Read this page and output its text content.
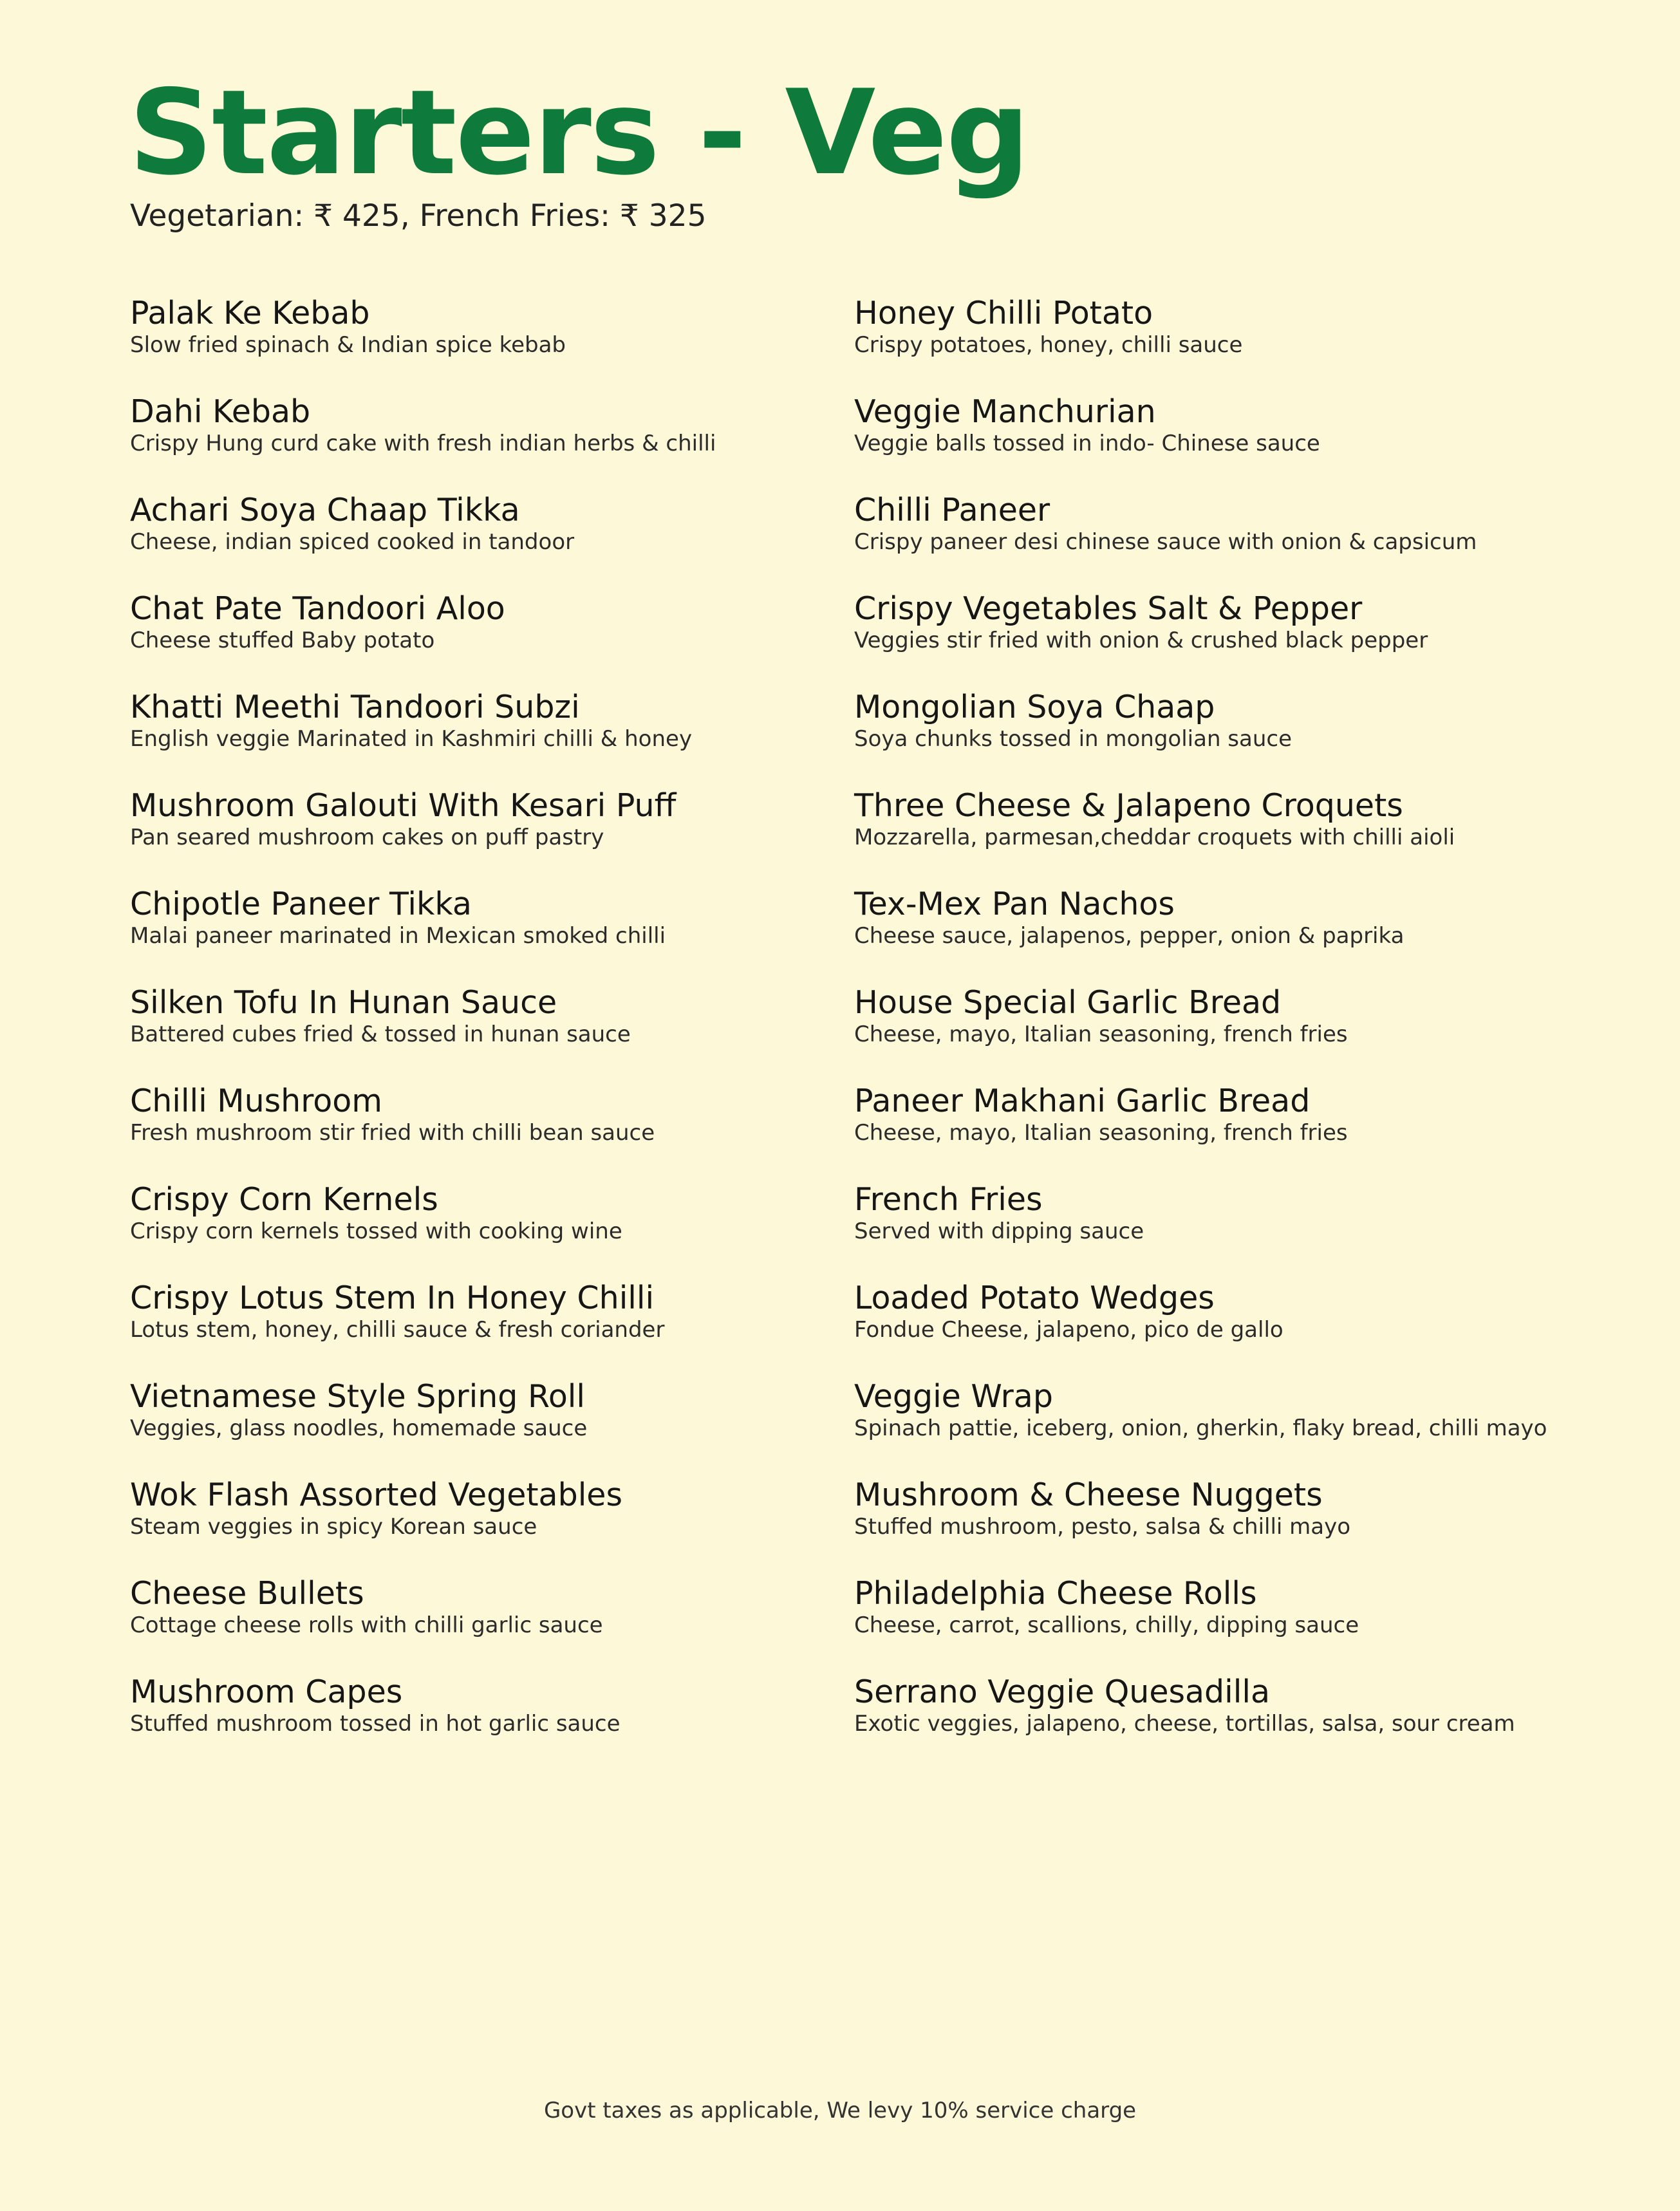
Starters - Veg
Vegetarian: ₹ 425, French Fries: ₹ 325
Palak Ke Kebab
Slow fried spinach & Indian spice kebab
Dahi Kebab
Crispy Hung curd cake with fresh indian herbs & chilli
Achari Soya Chaap Tikka
Cheese, indian spiced cooked in tandoor
Chat Pate Tandoori Aloo
Cheese stuffed Baby potato
Khatti Meethi Tandoori Subzi
English veggie Marinated in Kashmiri chilli & honey
Mushroom Galouti With Kesari Puff
Pan seared mushroom cakes on puff pastry
Chipotle Paneer Tikka
Malai paneer marinated in Mexican smoked chilli
Silken Tofu In Hunan Sauce
Battered cubes fried & tossed in hunan sauce
Chilli Mushroom
Fresh mushroom stir fried with chilli bean sauce
Crispy Corn Kernels
Crispy corn kernels tossed with cooking wine
Crispy Lotus Stem In Honey Chilli
Lotus stem, honey, chilli sauce & fresh coriander
Vietnamese Style Spring Roll
Veggies, glass noodles, homemade sauce
Wok Flash Assorted Vegetables
Steam veggies in spicy Korean sauce
Cheese Bullets
Cottage cheese rolls with chilli garlic sauce
Mushroom Capes
Stuffed mushroom tossed in hot garlic sauce
Honey Chilli Potato
Crispy potatoes, honey, chilli sauce
Veggie Manchurian
Veggie balls tossed in indo- Chinese sauce
Chilli Paneer
Crispy paneer desi chinese sauce with onion & capsicum
Crispy Vegetables Salt & Pepper
Veggies stir fried with onion & crushed black pepper
Mongolian Soya Chaap
Soya chunks tossed in mongolian sauce
Three Cheese & Jalapeno Croquets
Mozzarella, parmesan,cheddar croquets with chilli aioli
Tex-Mex Pan Nachos
Cheese sauce, jalapenos, pepper, onion & paprika
House Special Garlic Bread
Cheese, mayo, Italian seasoning, french fries
Paneer Makhani Garlic Bread
Cheese, mayo, Italian seasoning, french fries
French Fries
Served with dipping sauce
Loaded Potato Wedges
Fondue Cheese, jalapeno, pico de gallo
Veggie Wrap
Spinach pattie, iceberg, onion, gherkin, flaky bread, chilli mayo
Mushroom & Cheese Nuggets
Stuffed mushroom, pesto, salsa & chilli mayo
Philadelphia Cheese Rolls
Cheese, carrot, scallions, chilly, dipping sauce
Serrano Veggie Quesadilla
Exotic veggies, jalapeno, cheese, tortillas, salsa, sour cream
Govt taxes as applicable, We levy 10% service charge
